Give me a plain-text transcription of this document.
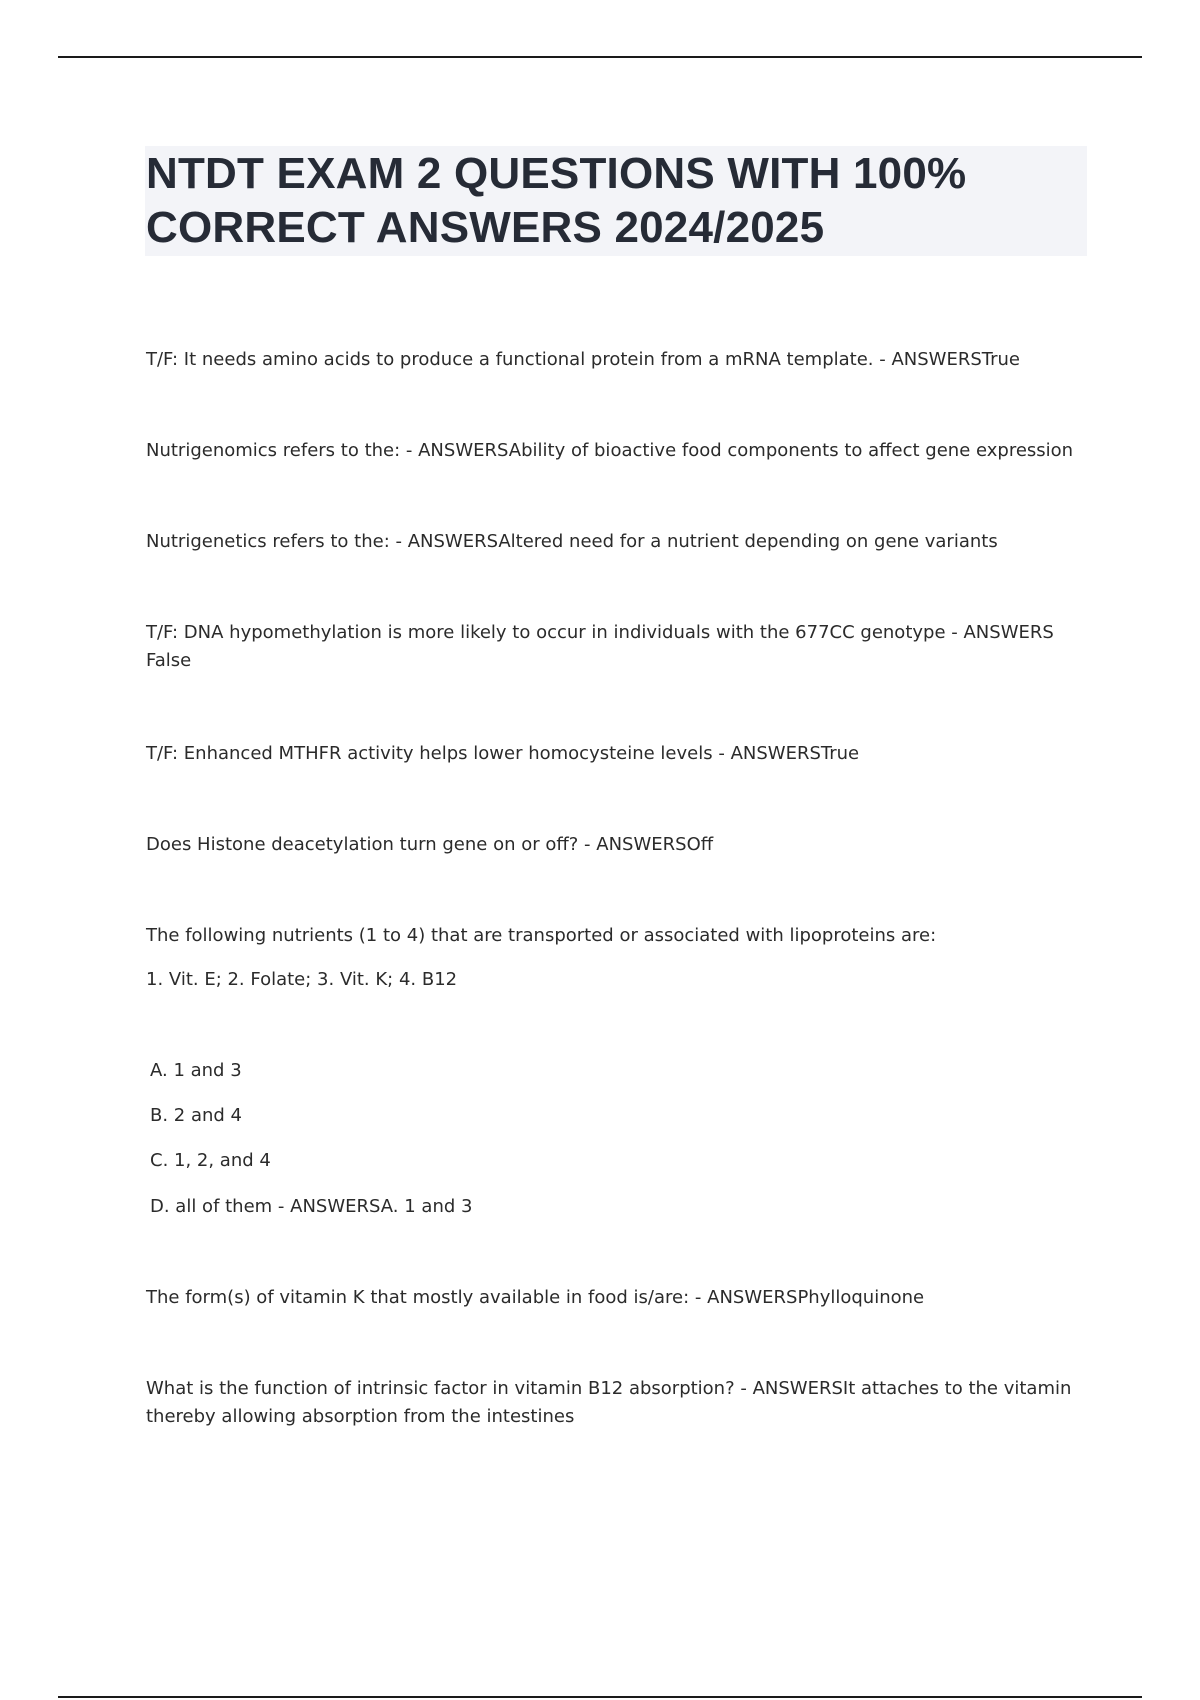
NTDT EXAM 2 QUESTIONS WITH 100%
CORRECT ANSWERS 2024/2025

T/F: It needs amino acids to produce a functional protein from a mRNA template. - ANSWERSTrue

Nutrigenomics refers to the: - ANSWERSAbility of bioactive food components to affect gene expression

Nutrigenetics refers to the: - ANSWERSAltered need for a nutrient depending on gene variants

T/F: DNA hypomethylation is more likely to occur in individuals with the 677CC genotype - ANSWERS
False

T/F: Enhanced MTHFR activity helps lower homocysteine levels - ANSWERSTrue

Does Histone deacetylation turn gene on or off? - ANSWERSOff

The following nutrients (1 to 4) that are transported or associated with lipoproteins are:

1. Vit. E; 2. Folate; 3. Vit. K; 4. B12

A. 1 and 3

B. 2 and 4

C. 1, 2, and 4

D. all of them - ANSWERSA. 1 and 3

The form(s) of vitamin K that mostly available in food is/are: - ANSWERSPhylloquinone

What is the function of intrinsic factor in vitamin B12 absorption? - ANSWERSIt attaches to the vitamin thereby allowing absorption from the intestines
